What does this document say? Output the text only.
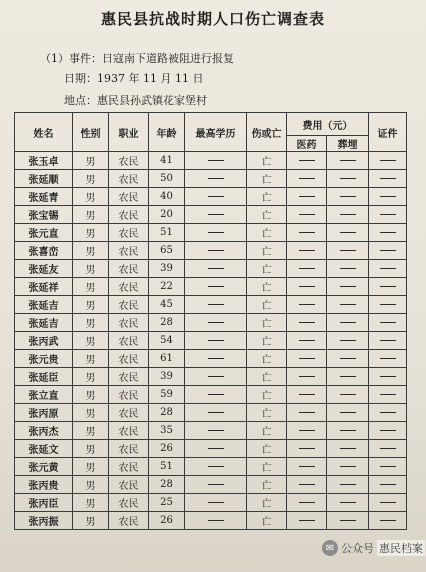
惠民县抗战时期人口伤亡调查表
（1）事件：日寇南下道路被阻进行报复
日期：1937 年 11 月 11 日
地点：惠民县孙武镇花家堡村
姓名	性别	职业	年龄	最高学历	伤或亡	费用（元）		证件
						医药	葬埋	
张玉卓	男	农民	41		亡			
张延顺	男	农民	50		亡			
张延青	男	农民	40		亡			
张宝锡	男	农民	20		亡			
张元直	男	农民	51		亡			
张喜峦	男	农民	65		亡			
张延友	男	农民	39		亡			
张延祥	男	农民	22		亡			
张延吉	男	农民	45		亡			
张延吉	男	农民	28		亡			
张丙武	男	农民	54		亡			
张元贵	男	农民	61		亡			
张延臣	男	农民	39		亡			
张立直	男	农民	59		亡			
张丙原	男	农民	28		亡			
张丙杰	男	农民	35		亡			
张延文	男	农民	26		亡			
张元黄	男	农民	51		亡			
张丙贵	男	农民	28		亡			
张丙臣	男	农民	25		亡			
张丙振	男	农民	26		亡			
✉ 公众号 惠民档案
